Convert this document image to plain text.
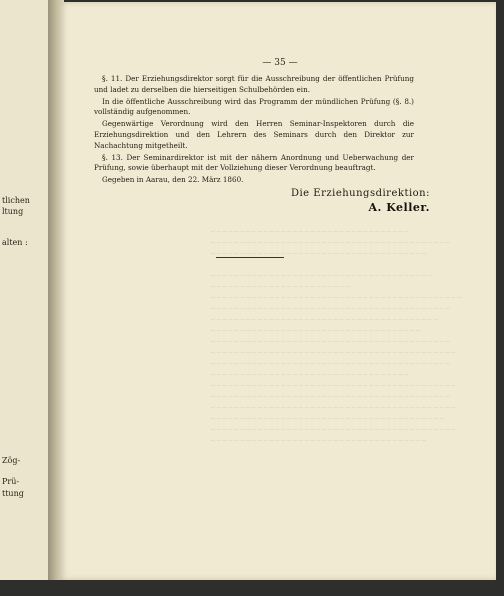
tlichen
ltung
alten :
Zög-
Prü-
ttung
~~~~~~~~~~~~~~~~~~~~~~~~~~~~~~~~~~
~~~~~~~~~~~~~~~~~~~~~~~~~~~~~~~~~~~~~~~~~
~~~~~~~~~~~~~~~~~~~~~~~~~~~~~~~~~~~~~

~~~~~~~~~~~~~~~~~~~~~~~~~~~~~~~~~~~~~~
~~~~~~~~~~~~~~~~~~~~~~~~
~~~~~~~~~~~~~~~~~~~~~~~~~~~~~~~~~~~~~~~~~~~
~~~~~~~~~~~~~~~~~~~~~~~~~~~~~~~~~~~~~~~~~
~~~~~~~~~~~~~~~~~~~~~~~~~~~~~~~~~~~~~~~
~~~~~~~~~~~~~~~~~~~~~~~~~~~~~~~~~~~~
~~~~~~~~~~~~~~~~~~~~~~~~~~~~~~~~~~~~~~~~~
~~~~~~~~~~~~~~~~~~~~~~~~~~~~~~~~~~~~~~~~~~
~~~~~~~~~~~~~~~~~~~~~~~~~~~~~~~~~~~~~~~~~
~~~~~~~~~~~~~~~~~~~~~~~~~~~~~~~~~~
~~~~~~~~~~~~~~~~~~~~~~~~~~~~~~~~~~~~~~~~~~
~~~~~~~~~~~~~~~~~~~~~~~~~~~~~~~~~~~~~~~~~
~~~~~~~~~~~~~~~~~~~~~~~~~~~~~~~~~~~~~~~~~~
~~~~~~~~~~~~~~~~~~~~~~~~~~~~~~~~~~~~~~~~
~~~~~~~~~~~~~~~~~~~~~~~~~~~~~~~~~~~~~~~~~~
~~~~~~~~~~~~~~~~~~~~~~~~~~~~~~~~~~~~~
— 35 —

§. 11. Der Erziehungsdirektor sorgt für die Ausschreibung der öffentlichen Prüfung und ladet zu derselben die hierseitigen Schulbehörden ein.

In die öffentliche Ausschreibung wird das Programm der mündlichen Prüfung (§. 8.) vollständig aufgenommen.

Gegenwärtige Verordnung wird den Herren Seminar-Inspektoren durch die Erziehungsdirektion und den Lehrern des Seminars durch den Direktor zur Nachachtung mitgetheilt.

§. 13. Der Seminardirektor ist mit der nähern Anordnung und Ueberwachung der Prüfung, sowie überhaupt mit der Vollziehung dieser Verordnung beauftragt.

Gegeben in Aarau, den 22. März 1860.

Die Erziehungsdirektion:
A. Keller.
